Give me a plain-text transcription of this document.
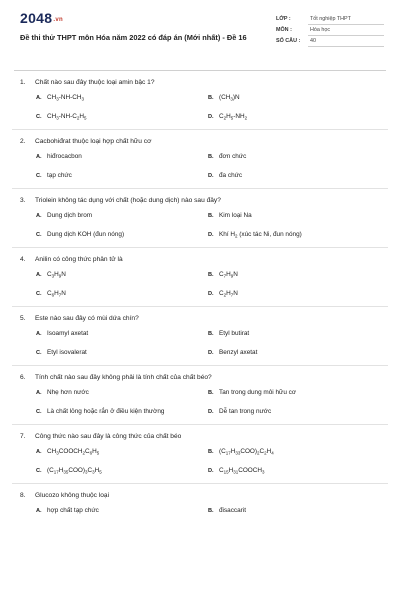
$2048^{.vn}$
Đề thi thử THPT môn Hóa năm 2022 có đáp án (Mới nhất) - Đề 16
LỚP :	Tốt nghiệp THPT
MÔN :	Hóa học
SỐ CÂU :	40
1. Chất nào sau đây thuộc loại amin bậc 1?
A. $CH_3-NH-CH_3$	B. $(CH_3)N$
C. $CH_3-NH-C_2H_5$	D. $C_2H_5-NH_2$
2. Cacbohiđrat thuộc loại hợp chất hữu cơ
A. hiđrocacbon	B. đơn chức
C. tạp chức	D. đa chức
3. Triolein không tác dụng với chất (hoặc dung dịch) nào sau đây?
A. Dung dịch brom	B. Kim loại Na
C. Dung dịch KOH (đun nóng)	D. Khí $H_2$ (xúc tác Ni, đun nóng)
4. Anilin có công thức phân tử là
A. $C_3H_9N$	B. $C_7H_9N$
C. $C_6H_7N$	D. $C_2H_7N$
5. Este nào sau đây có mùi dứa chín?
A. Isoamyl axetat	B. Etyl butirat
C. Etyl isovalerat	D. Benzyl axetat
6. Tính chất nào sau đây không phải là tính chất của chất béo?
A. Nhẹ hơn nước	B. Tan trong dung môi hữu cơ
C. Là chất lỏng hoặc rắn ở điều kiện thường	D. Dễ tan trong nước
7. Công thức nào sau đây là công thức của chất béo
A. $CH_3COOCH_2C_6H_5$	B. $(C_{17}H_{33}COO)_2C_2H_4$
C. $(C_{17}H_{35}COO)_3C_3H_5$	D. $C_{15}H_{31}COOCH_3$
8. Glucozo không thuộc loại
A. hợp chất tạp chức	B. đisaccarit
